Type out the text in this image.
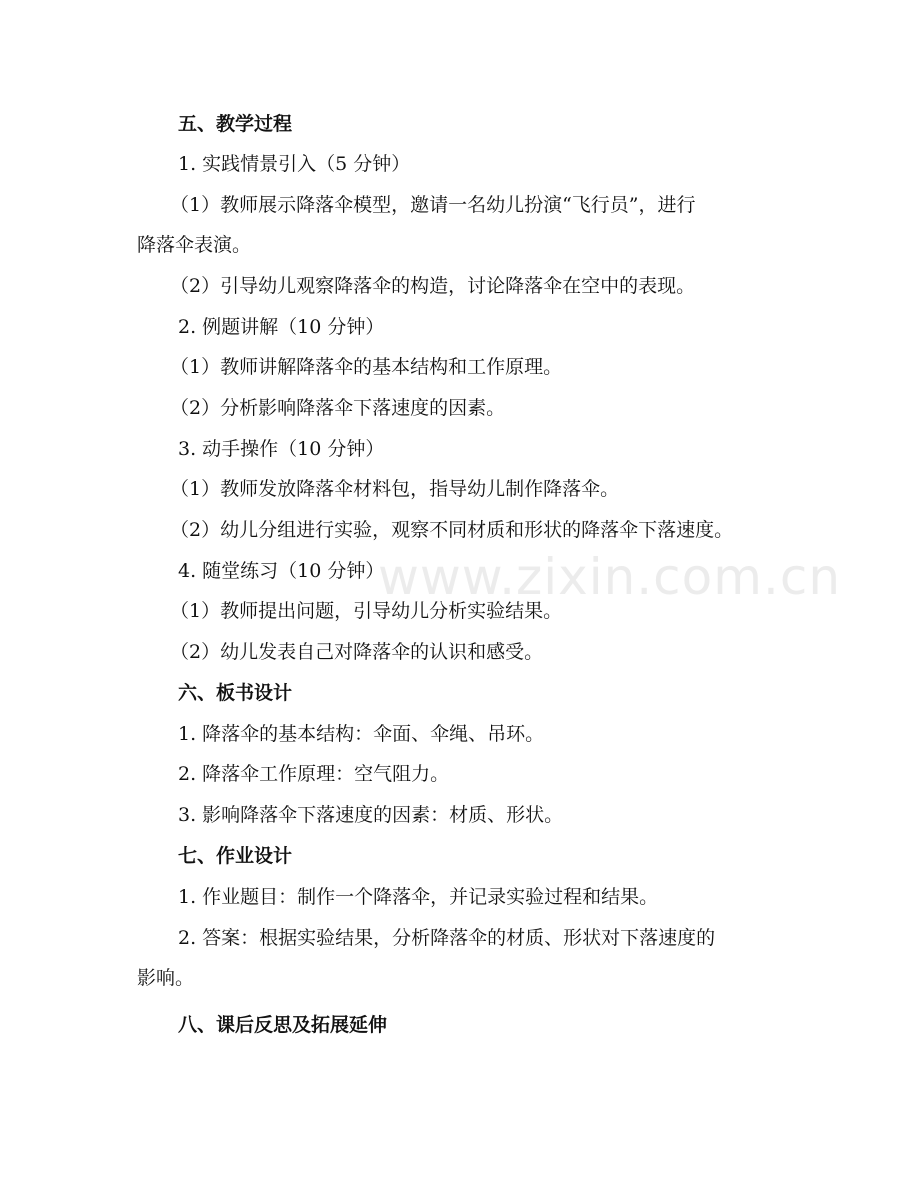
五、教学过程
1. 实践情景引入（5 分钟）
（1）教师展示降落伞模型，邀请一名幼儿扮演“飞行员”，进行
降落伞表演。
（2）引导幼儿观察降落伞的构造，讨论降落伞在空中的表现。
2. 例题讲解（10 分钟）
（1）教师讲解降落伞的基本结构和工作原理。
（2）分析影响降落伞下落速度的因素。
3. 动手操作（10 分钟）
（1）教师发放降落伞材料包，指导幼儿制作降落伞。
（2）幼儿分组进行实验，观察不同材质和形状的降落伞下落速度。
4. 随堂练习（10 分钟）
（1）教师提出问题，引导幼儿分析实验结果。
（2）幼儿发表自己对降落伞的认识和感受。
六、板书设计
1. 降落伞的基本结构：伞面、伞绳、吊环。
2. 降落伞工作原理：空气阻力。
3. 影响降落伞下落速度的因素：材质、形状。
七、作业设计
1. 作业题目：制作一个降落伞，并记录实验过程和结果。
2. 答案：根据实验结果，分析降落伞的材质、形状对下落速度的
影响。
八、课后反思及拓展延伸
www.zixin.com.cn
